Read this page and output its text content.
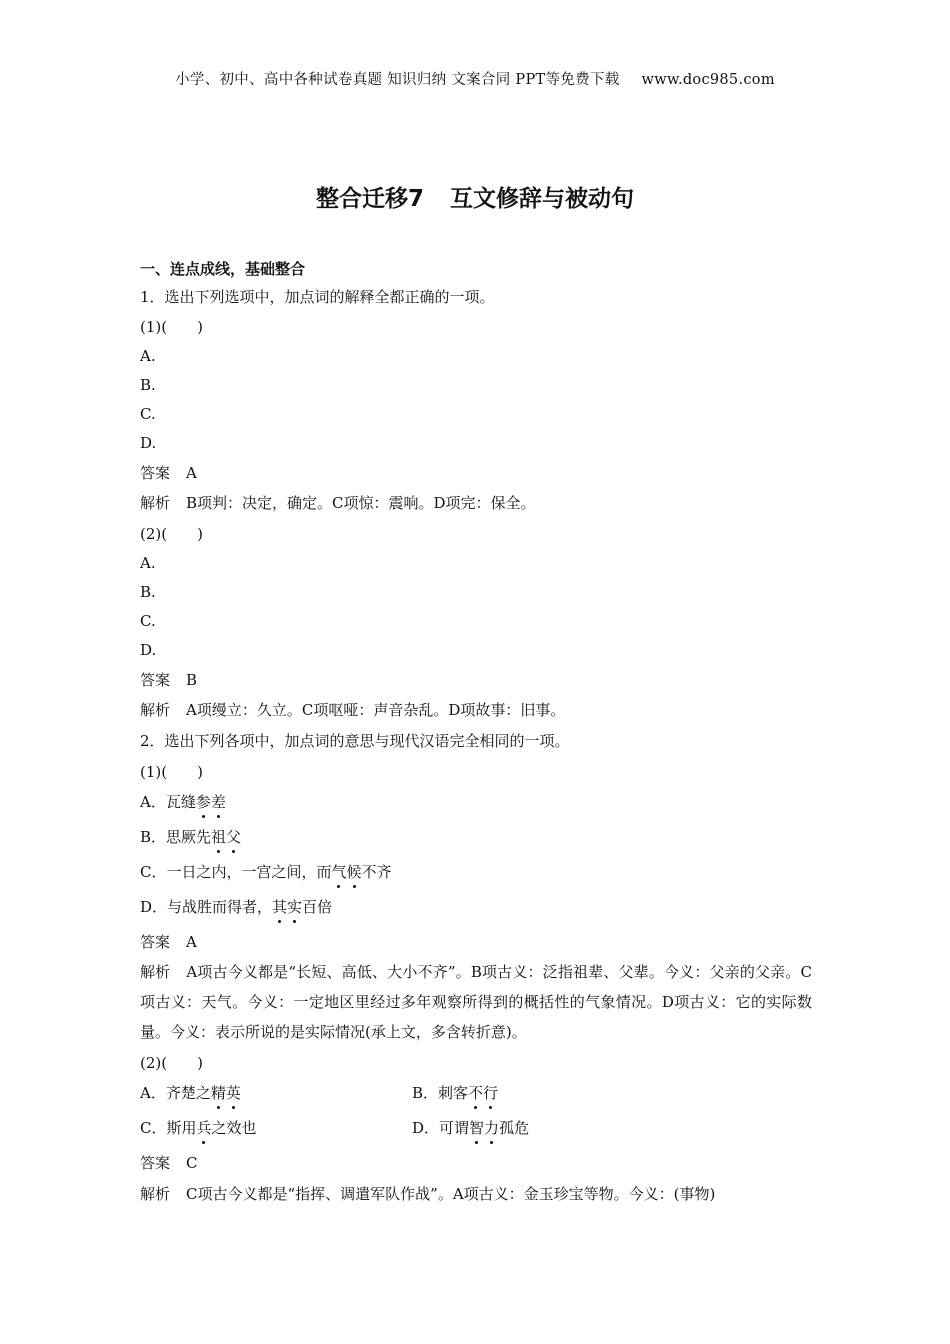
小学、初中、高中各种试卷真题 知识归纳 文案合同 PPT等免费下载 www.doc985.com
整合迁移7 互文修辞与被动句
一、连点成线，基础整合
1．选出下列选项中，加点词的解释全都正确的一项。
(1)(　　)
A.
B.
C.
D.
答案 A
解析 B项判：决定，确定。C项惊：震响。D项完：保全。
(2)(　　)
A.
B.
C.
D.
答案 B
解析 A项缦立：久立。C项呕哑：声音杂乱。D项故事：旧事。
2．选出下列各项中，加点词的意思与现代汉语完全相同的一项。
(1)(　　)
A．瓦缝参差
B．思厥先祖父
C．一日之内，一宫之间，而气候不齐
D．与战胜而得者，其实百倍
答案 A
解析 A项古今义都是“长短、高低、大小不齐”。B项古义：泛指祖辈、父辈。今义：父亲的父亲。C项古义：天气。今义：一定地区里经过多年观察所得到的概括性的气象情况。D项古义：它的实际数量。今义：表示所说的是实际情况(承上文，多含转折意)。
(2)(　　)
A．齐楚之精英	B．刺客不行
C．斯用兵之效也	D．可谓智力孤危
答案 C
解析 C项古今义都是“指挥、调遣军队作战”。A项古义：金玉珍宝等物。今义：(事物)
